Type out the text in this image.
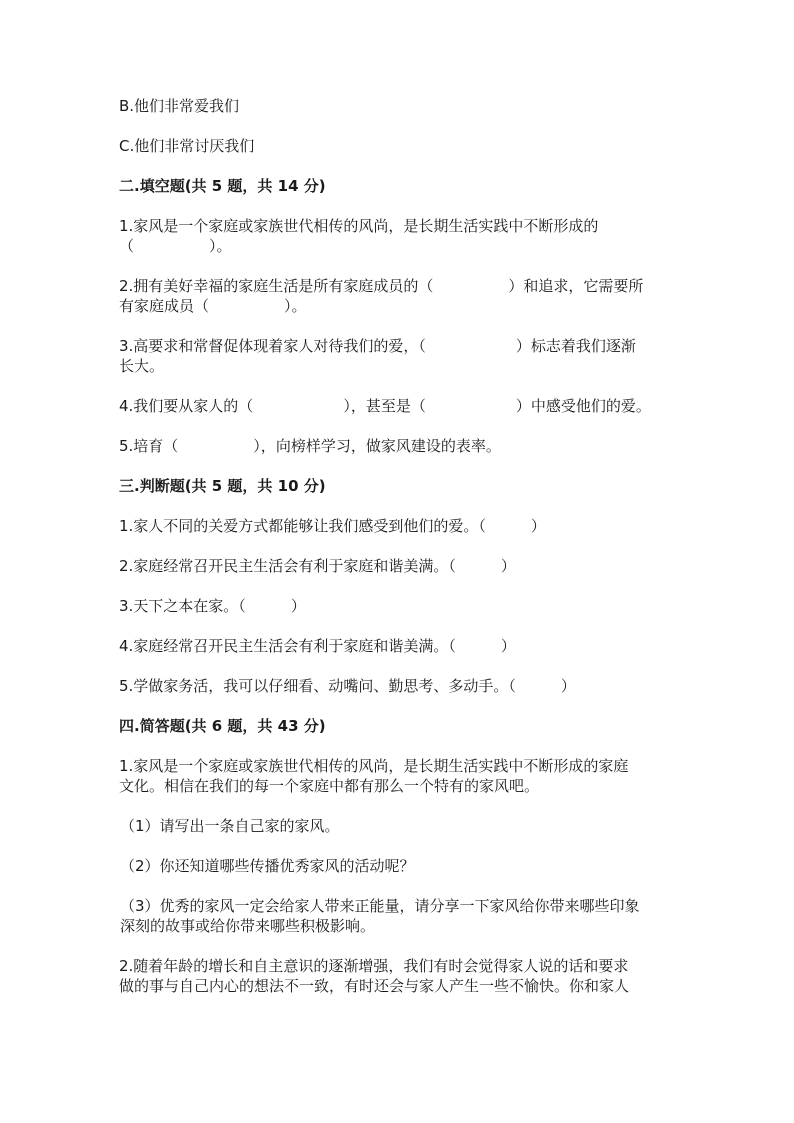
B.他们非常爱我们

C.他们非常讨厌我们

二.填空题(共 5 题，共 14 分)

1.家风是一个家庭或家族世代相传的风尚，是长期生活实践中不断形成的

（　　　　　）。

2.拥有美好幸福的家庭生活是所有家庭成员的（　　　　　）和追求，它需要所

有家庭成员（　　　　　）。

3.高要求和常督促体现着家人对待我们的爱，（　　　　　　）标志着我们逐渐

长大。

4.我们要从家人的（　　　　　　），甚至是（　　　　　　）中感受他们的爱。

5.培育（　　　　　），向榜样学习，做家风建设的表率。

三.判断题(共 5 题，共 10 分)

1.家人不同的关爱方式都能够让我们感受到他们的爱。（　　　）

2.家庭经常召开民主生活会有利于家庭和谐美满。（　　　）

3.天下之本在家。（　　　）

4.家庭经常召开民主生活会有利于家庭和谐美满。（　　　）

5.学做家务活，我可以仔细看、动嘴问、勤思考、多动手。（　　　）

四.简答题(共 6 题，共 43 分)

1.家风是一个家庭或家族世代相传的风尚，是长期生活实践中不断形成的家庭

文化。相信在我们的每一个家庭中都有那么一个特有的家风吧。

（1）请写出一条自己家的家风。

（2）你还知道哪些传播优秀家风的活动呢？

（3）优秀的家风一定会给家人带来正能量，请分享一下家风给你带来哪些印象

深刻的故事或给你带来哪些积极影响。

2.随着年龄的增长和自主意识的逐渐增强，我们有时会觉得家人说的话和要求

做的事与自己内心的想法不一致，有时还会与家人产生一些不愉快。你和家人
